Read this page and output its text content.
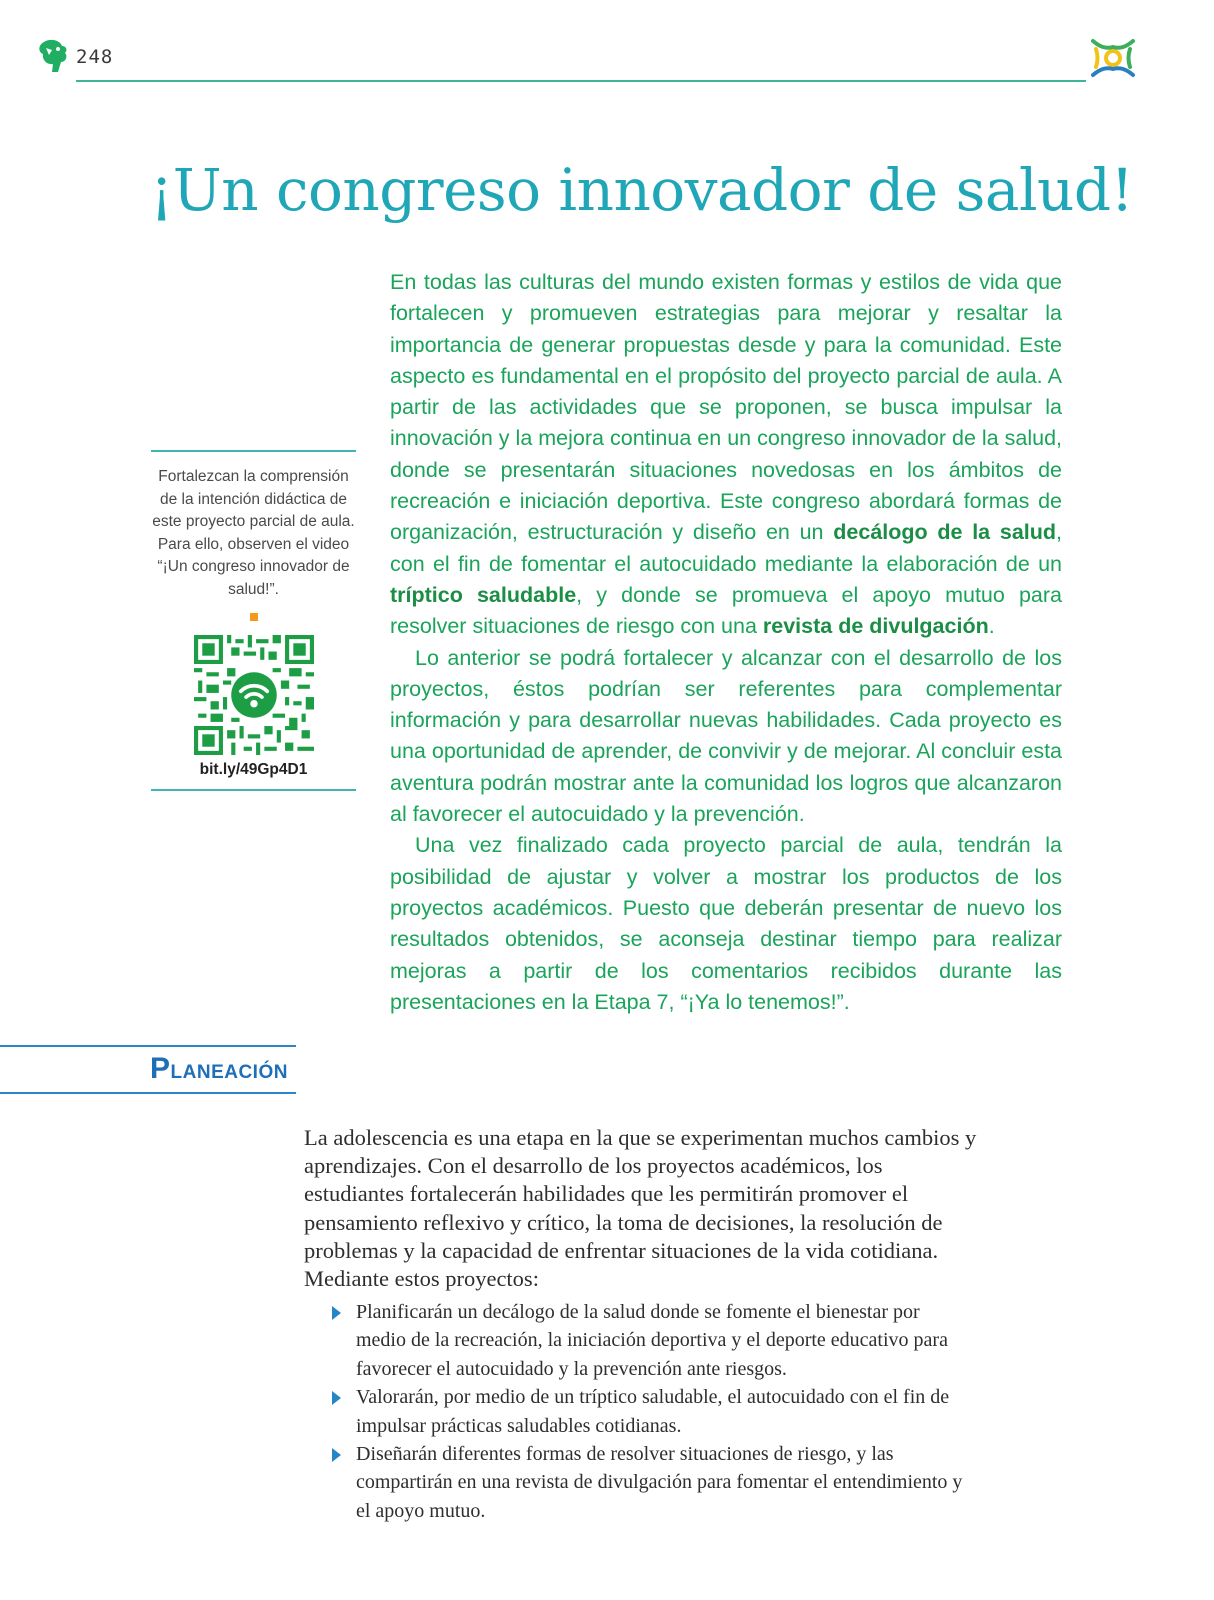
248
¡Un congreso innovador de salud!

En todas las culturas del mundo existen formas y estilos de vida que fortalecen y promueven estrategias para mejorar y resaltar la importancia de generar propuestas desde y para la comunidad. Este aspecto es fundamental en el propósito del proyecto parcial de aula. A partir de las actividades que se proponen, se busca impulsar la innovación y la mejora continua en un congreso innovador de la salud, donde se presentarán situaciones novedosas en los ámbitos de recreación e iniciación deportiva. Este congreso abordará formas de organización, estructuración y diseño en un decálogo de la salud, con el fin de fomentar el autocuidado mediante la elaboración de un tríptico saludable, y donde se promueva el apoyo mutuo para resolver situaciones de riesgo con una revista de divulgación.

Lo anterior se podrá fortalecer y alcanzar con el desarrollo de los proyectos, éstos podrían ser referentes para complementar información y para desarrollar nuevas habilidades. Cada proyecto es una oportunidad de aprender, de convivir y de mejorar. Al concluir esta aventura podrán mostrar ante la comunidad los logros que alcanzaron al favorecer el autocuidado y la prevención.

Una vez finalizado cada proyecto parcial de aula, tendrán la posibilidad de ajustar y volver a mostrar los productos de los proyectos académicos. Puesto que deberán presentar de nuevo los resultados obtenidos, se aconseja destinar tiempo para realizar mejoras a partir de los comentarios recibidos durante las presentaciones en la Etapa 7, “¡Ya lo tenemos!”.

Fortalezcan la comprensión de la intención didáctica de este proyecto parcial de aula. Para ello, observen el video “¡Un congreso innovador de salud!”.

bit.ly/49Gp4D1
Planeación

La adolescencia es una etapa en la que se experimentan muchos cambios y aprendizajes. Con el desarrollo de los proyectos académicos, los estudiantes fortalecerán habilidades que les permitirán promover el pensamiento reflexivo y crítico, la toma de decisiones, la resolución de problemas y la capacidad de enfrentar situaciones de la vida cotidiana. Mediante estos proyectos:

Planificarán un decálogo de la salud donde se fomente el bienestar por medio de la recreación, la iniciación deportiva y el deporte educativo para favorecer el autocuidado y la prevención ante riesgos.
Valorarán, por medio de un tríptico saludable, el autocuidado con el fin de impulsar prácticas saludables cotidianas.
Diseñarán diferentes formas de resolver situaciones de riesgo, y las compartirán en una revista de divulgación para fomentar el entendimiento y el apoyo mutuo.
